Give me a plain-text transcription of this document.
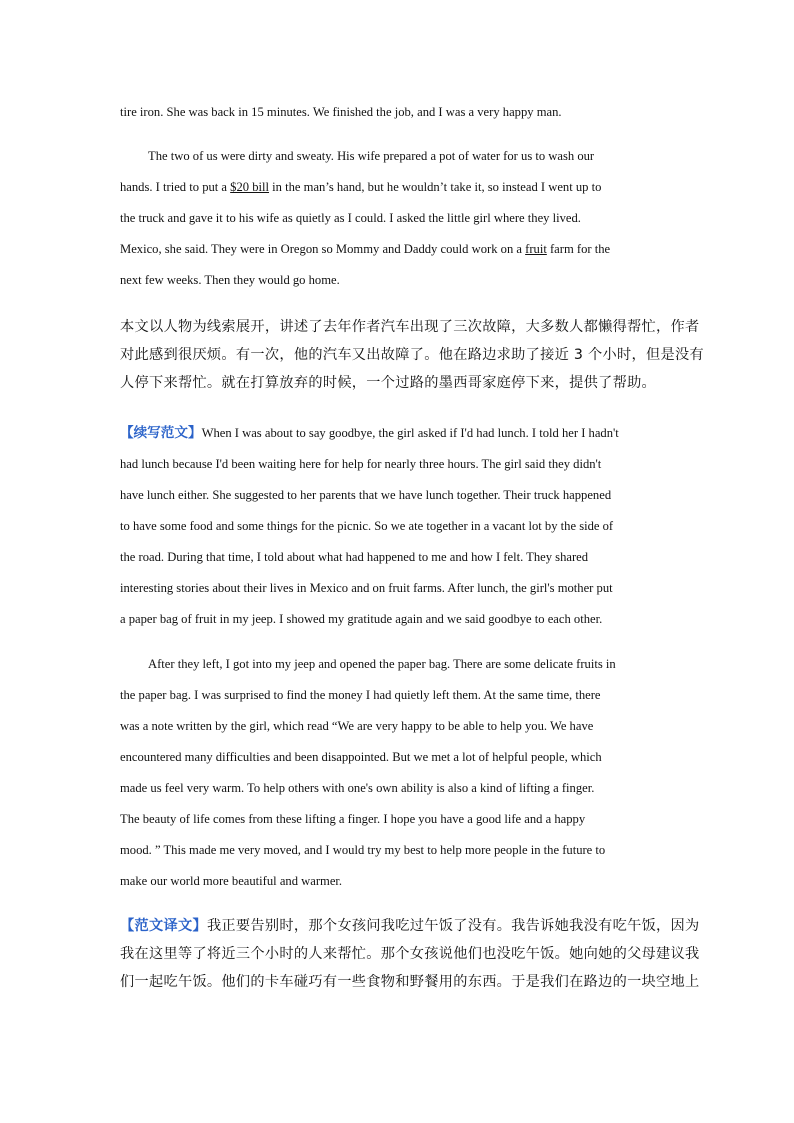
tire iron. She was back in 15 minutes. We finished the job, and I was a very happy man.
The two of us were dirty and sweaty. His wife prepared a pot of water for us to wash our
hands. I tried to put a $20 bill in the man’s hand, but he wouldn’t take it, so instead I went up to
the truck and gave it to his wife as quietly as I could. I asked the little girl where they lived.
Mexico, she said. They were in Oregon so Mommy and Daddy could work on a fruit farm for the
next few weeks. Then they would go home.
本文以人物为线索展开，讲述了去年作者汽车出现了三次故障，大多数人都懒得帮忙，作者
对此感到很厌烦。有一次，他的汽车又出故障了。他在路边求助了接近 3 个小时，但是没有
人停下来帮忙。就在打算放弃的时候，一个过路的墨西哥家庭停下来，提供了帮助。
【续写范文】When I was about to say goodbye, the girl asked if I'd had lunch. I told her I hadn't
had lunch because I'd been waiting here for help for nearly three hours. The girl said they didn't
have lunch either. She suggested to her parents that we have lunch together. Their truck happened
to have some food and some things for the picnic. So we ate together in a vacant lot by the side of
the road. During that time, I told about what had happened to me and how I felt. They shared
interesting stories about their lives in Mexico and on fruit farms. After lunch, the girl's mother put
a paper bag of fruit in my jeep. I showed my gratitude again and we said goodbye to each other.
After they left, I got into my jeep and opened the paper bag. There are some delicate fruits in
the paper bag. I was surprised to find the money I had quietly left them. At the same time, there
was a note written by the girl, which read “We are very happy to be able to help you. We have
encountered many difficulties and been disappointed. But we met a lot of helpful people, which
made us feel very warm. To help others with one's own ability is also a kind of lifting a finger.
The beauty of life comes from these lifting a finger. I hope you have a good life and a happy
mood. ” This made me very moved, and I would try my best to help more people in the future to
make our world more beautiful and warmer.
【范文译文】我正要告别时，那个女孩问我吃过午饭了没有。我告诉她我没有吃午饭，因为
我在这里等了将近三个小时的人来帮忙。那个女孩说他们也没吃午饭。她向她的父母建议我
们一起吃午饭。他们的卡车碰巧有一些食物和野餐用的东西。于是我们在路边的一块空地上
